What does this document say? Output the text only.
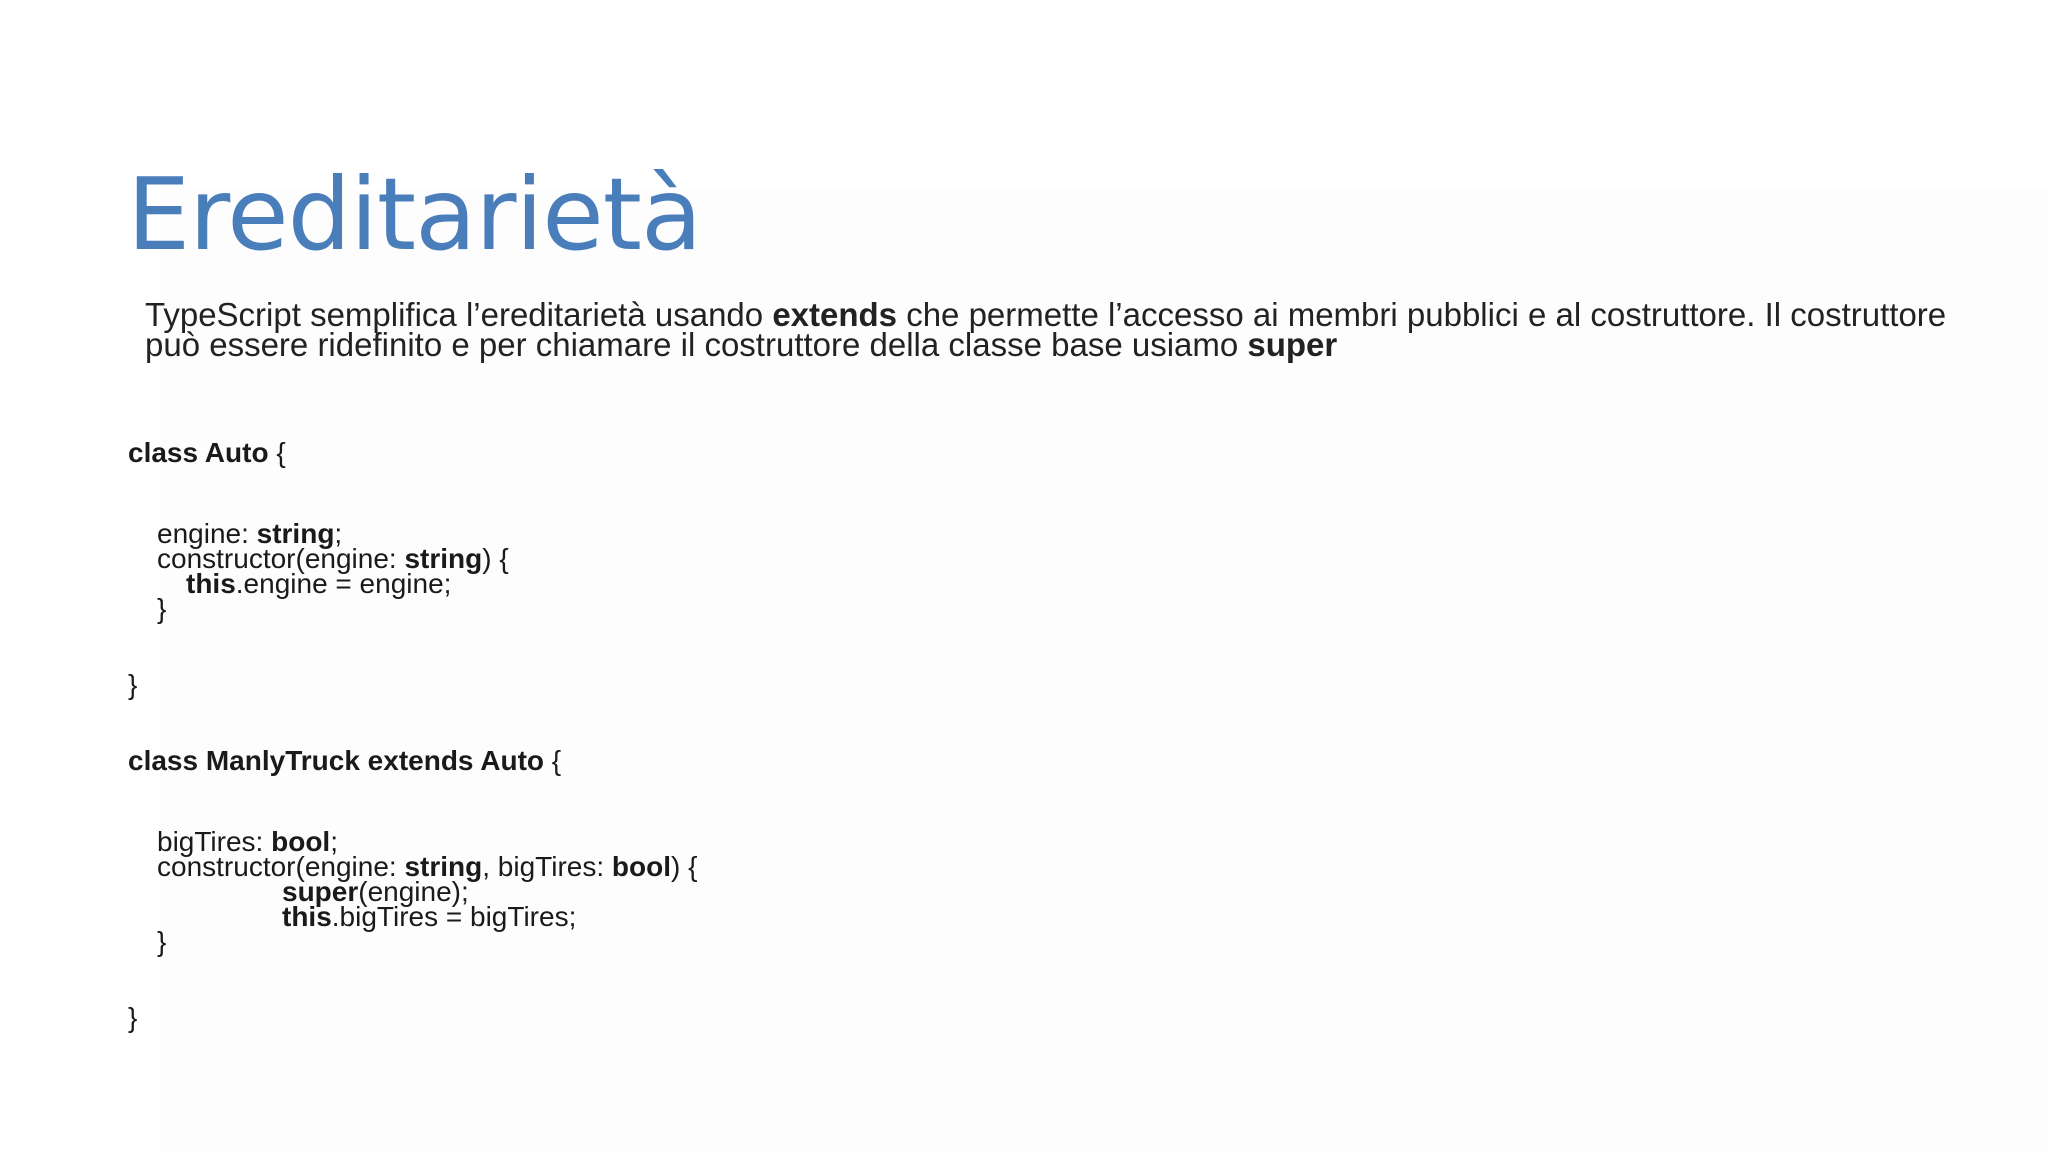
Ereditarietà
TypeScript semplifica l’ereditarietà usando extends che permette l’accesso ai membri pubblici e al costruttore. Il costruttore può essere ridefinito e per chiamare il costruttore della classe base usiamo super

class Auto {

engine: string;

constructor(engine: string) {

this.engine = engine;

}

}

class ManlyTruck extends Auto {

bigTires: bool;

constructor(engine: string, bigTires: bool) {

super(engine);

this.bigTires = bigTires;

}

}
